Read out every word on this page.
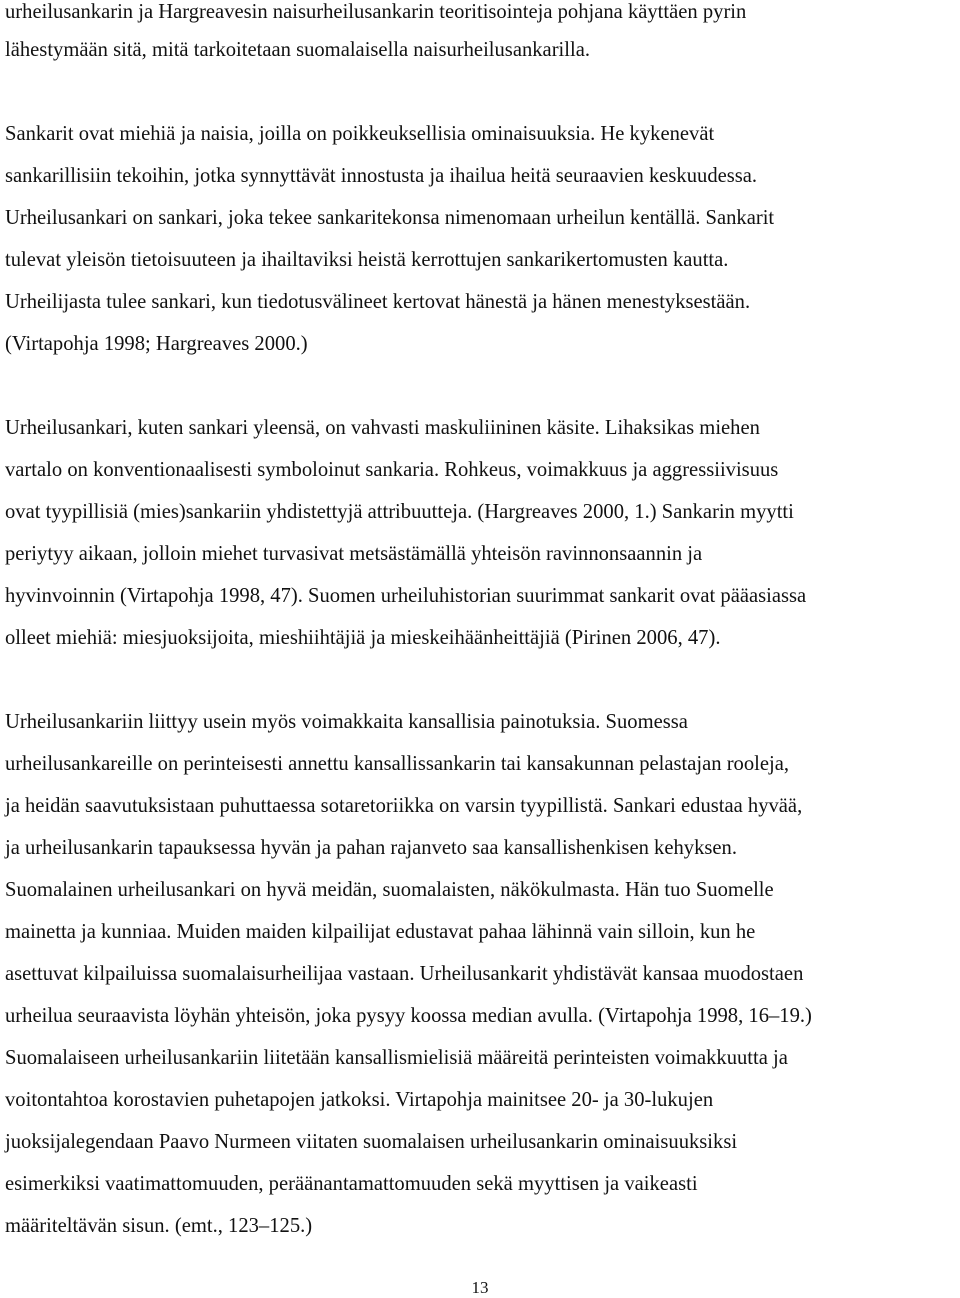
urheilusankarin ja Hargreavesin naisurheilusankarin teoritisointeja pohjana käyttäen pyrin
lähestymään sitä, mitä tarkoitetaan suomalaisella naisurheilusankarilla.
Sankarit ovat miehiä ja naisia, joilla on poikkeuksellisia ominaisuuksia. He kykenevät
sankarillisiin tekoihin, jotka synnyttävät innostusta ja ihailua heitä seuraavien keskuudessa.
Urheilusankari on sankari, joka tekee sankaritekonsa nimenomaan urheilun kentällä. Sankarit
tulevat yleisön tietoisuuteen ja ihailtaviksi heistä kerrottujen sankarikertomusten kautta.
Urheilijasta tulee sankari, kun tiedotusvälineet kertovat hänestä ja hänen menestyksestään.
(Virtapohja 1998; Hargreaves 2000.)
Urheilusankari, kuten sankari yleensä, on vahvasti maskuliininen käsite. Lihaksikas miehen
vartalo on konventionaalisesti symboloinut sankaria. Rohkeus, voimakkuus ja aggressiivisuus
ovat tyypillisiä (mies)sankariin yhdistettyjä attribuutteja. (Hargreaves 2000, 1.) Sankarin myytti
periytyy aikaan, jolloin miehet turvasivat metsästämällä yhteisön ravinnonsaannin ja
hyvinvoinnin (Virtapohja 1998, 47). Suomen urheiluhistorian suurimmat sankarit ovat pääasiassa
olleet miehiä: miesjuoksijoita, mieshiihtäjiä ja mieskeihäänheittäjiä (Pirinen 2006, 47).
Urheilusankariin liittyy usein myös voimakkaita kansallisia painotuksia. Suomessa
urheilusankareille on perinteisesti annettu kansallissankarin tai kansakunnan pelastajan rooleja,
ja heidän saavutuksistaan puhuttaessa sotaretoriikka on varsin tyypillistä. Sankari edustaa hyvää,
ja urheilusankarin tapauksessa hyvän ja pahan rajanveto saa kansallishenkisen kehyksen.
Suomalainen urheilusankari on hyvä meidän, suomalaisten, näkökulmasta. Hän tuo Suomelle
mainetta ja kunniaa. Muiden maiden kilpailijat edustavat pahaa lähinnä vain silloin, kun he
asettuvat kilpailuissa suomalaisurheilijaa vastaan. Urheilusankarit yhdistävät kansaa muodostaen
urheilua seuraavista löyhän yhteisön, joka pysyy koossa median avulla. (Virtapohja 1998, 16–19.)
Suomalaiseen urheilusankariin liitetään kansallismielisiä määreitä perinteisten voimakkuutta ja
voitontahtoa korostavien puhetapojen jatkoksi. Virtapohja mainitsee 20- ja 30-lukujen
juoksijalegendaan Paavo Nurmeen viitaten suomalaisen urheilusankarin ominaisuuksiksi
esimerkiksi vaatimattomuuden, peräänantamattomuuden sekä myyttisen ja vaikeasti
määriteltävän sisun. (emt., 123–125.)
13
